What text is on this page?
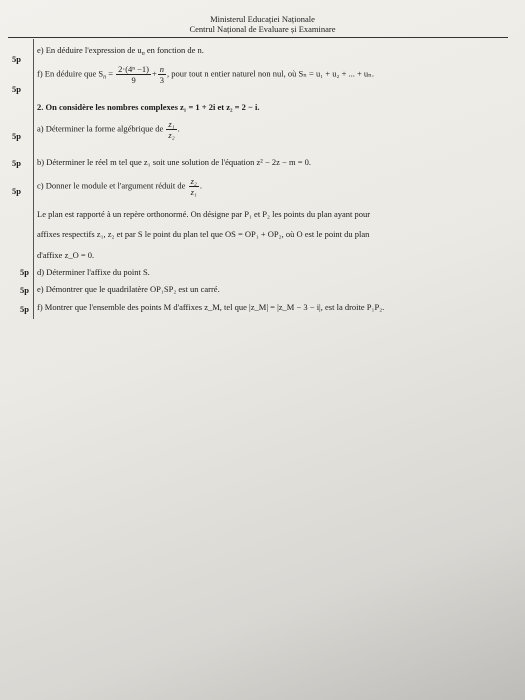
Ministerul Educației Naționale
Centrul Național de Evaluare și Examinare
5p
e) En déduire l'expression de $u_n$ en fonction de n.
5p
f) En déduire que $S_n = \frac{\text{2·(4ⁿ −1)}}{9} + \frac{n}{3}$ , pour tout n entier naturel non nul, où Sₙ = u₁ + u₂ + ... + uₙ.
2. On considère les nombres complexes z₁ = 1 + 2i et z₂ = 2 − i.
5p
a) Déterminer la forme algébrique de $\frac{\text{z₁}}{\text{z₂}}$ .
5p b) Déterminer le réel m tel que z₁ soit une solution de l'équation z² − 2z − m = 0.
5p
c) Donner le module et l'argument réduit de $\frac{\text{z₂}}{\text{z₁}}$ .
Le plan est rapporté à un repère orthonormé. On désigne par P₁ et P₂ les points du plan ayant pour
affixes respectifs z₁, z₂ et par S le point du plan tel que OS = OP₁ + OP₂, où O est le point du plan
d'affixe z_O = 0.
5p d) Déterminer l'affixe du point S.
5p e) Démontrer que le quadrilatère OP₁SP₂ est un carré.
5p f) Montrer que l'ensemble des points M d'affixes z_M, tel que |z_M| = |z_M − 3 − i|, est la droite P₁P₂.
